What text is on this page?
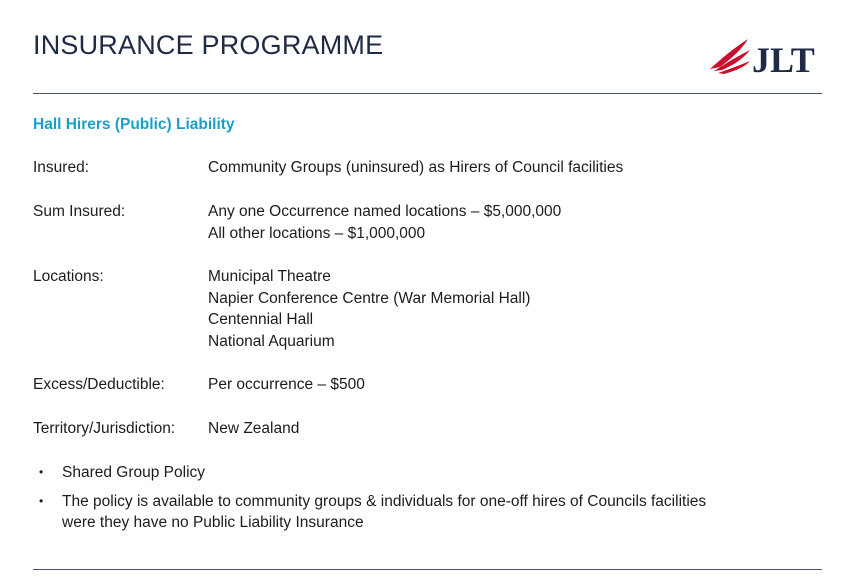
INSURANCE PROGRAMME	JLT
Hall Hirers (Public) Liability
Insured:	Community Groups (uninsured) as Hirers of Council facilities
Sum Insured:	Any one Occurrence named locations – $5,000,000
All other locations – $1,000,000
Locations:	Municipal Theatre
Napier Conference Centre (War Memorial Hall)
Centennial Hall
National Aquarium
Excess/Deductible:	Per occurrence – $500
Territory/Jurisdiction: New Zealand
• Shared Group Policy
• The policy is available to community groups & individuals for one-off hires of Councils facilities were they have no Public Liability Insurance
